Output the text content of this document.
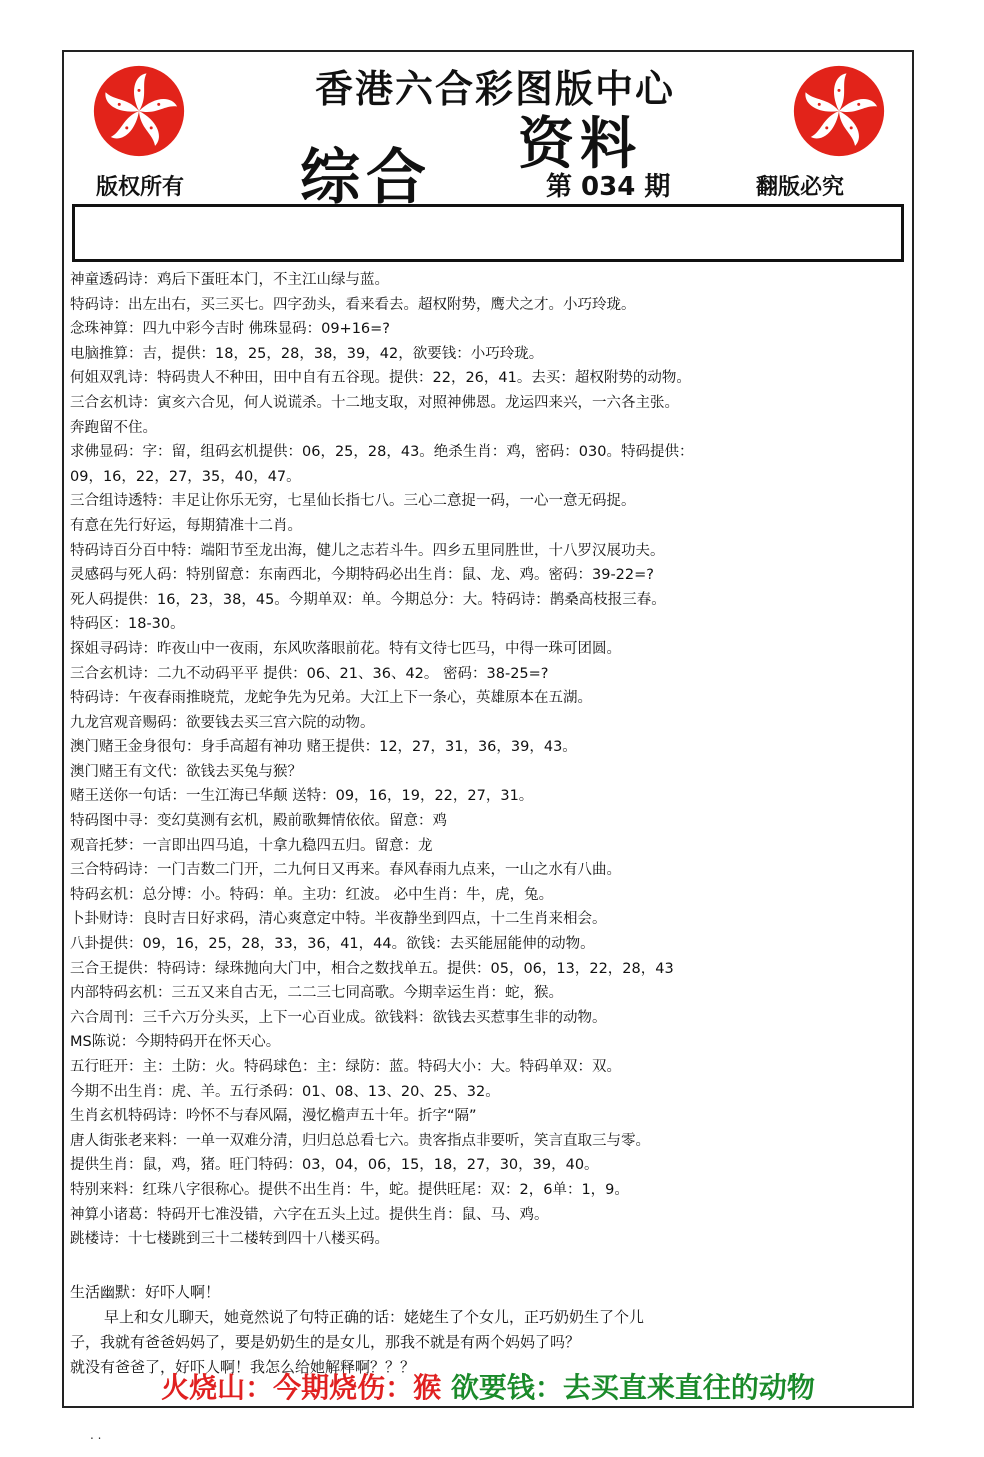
香港六合彩图版中心
综合 资料
第 034 期
版权所有	翻版必究
神童透码诗：鸡后下蛋旺本门，不主江山绿与蓝。
特码诗：出左出右，买三买七。四字劲头，看来看去。超权附势，鹰犬之才。小巧玲珑。
念珠神算：四九中彩今吉时 佛珠显码：09+16=?
电脑推算：吉，提供：18，25，28，38，39，42，欲要钱：小巧玲珑。
何姐双乳诗：特码贵人不种田，田中自有五谷现。提供：22，26，41。去买：超权附势的动物。
三合玄机诗：寅亥六合见，何人说谎杀。十二地支取，对照神佛恩。龙运四来兴，一六各主张。
奔跑留不住。
求佛显码：字：留，组码玄机提供：06，25，28，43。绝杀生肖：鸡，密码：030。特码提供：
09，16，22，27，35，40，47。
三合组诗透特：丰足让你乐无穷，七星仙长指七八。三心二意捉一码，一心一意无码捉。
有意在先行好运，每期猜准十二肖。
特码诗百分百中特：端阳节至龙出海，健儿之志若斗牛。四乡五里同胜世，十八罗汉展功夫。
灵感码与死人码：特别留意：东南西北，今期特码必出生肖：鼠、龙、鸡。密码：39-22=?
死人码提供：16，23，38，45。今期单双：单。今期总分：大。特码诗：鹊桑高枝报三春。
特码区：18-30。
探姐寻码诗：昨夜山中一夜雨，东风吹落眼前花。特有文待七匹马，中得一珠可团圆。
三合玄机诗：二九不动码平平 提供：06、21、36、42。 密码：38-25=?
特码诗：午夜春雨推晓荒，龙蛇争先为兄弟。大江上下一条心，英雄原本在五湖。
九龙宫观音赐码：欲要钱去买三宫六院的动物。
澳门赌王金身很句：身手高超有神功 赌王提供：12，27，31，36，39，43。
澳门赌王有文代：欲钱去买兔与猴？
赌王送你一句话：一生江海已华颠 送特：09，16，19，22，27，31。
特码图中寻：变幻莫测有玄机，殿前歌舞情依依。留意：鸡
观音托梦：一言即出四马追，十拿九稳四五归。留意：龙
三合特码诗：一门吉数二门开，二九何日又再来。春风春雨九点来，一山之水有八曲。
特码玄机：总分博：小。特码：单。主功：红波。 必中生肖：牛，虎，兔。
卜卦财诗：良时吉日好求码，清心爽意定中特。半夜静坐到四点，十二生肖来相会。
八卦提供：09，16，25，28，33，36，41，44。欲钱：去买能屈能伸的动物。
三合王提供：特码诗：绿珠抛向大门中，相合之数找单五。提供：05，06，13，22，28，43
内部特码玄机：三五又来自古无，二二三七同高歌。今期幸运生肖：蛇，猴。
六合周刊：三千六万分头买，上下一心百业成。欲钱料：欲钱去买惹事生非的动物。
MS陈说：今期特码开在怀天心。
五行旺开：主：土防：火。特码球色：主：绿防：蓝。特码大小：大。特码单双：双。
今期不出生肖：虎、羊。五行杀码：01、08、13、20、25、32。
生肖玄机特码诗：吟怀不与春风隔，漫忆檐声五十年。折字“隔”
唐人街张老来料：一单一双难分清，归归总总看七六。贵客指点非要听，笑言直取三与零。
提供生肖：鼠，鸡，猪。旺门特码：03，04，06，15，18，27，30，39，40。
特别来料：红珠八字很称心。提供不出生肖：牛，蛇。提供旺尾：双：2，6单：1，9。
神算小诸葛：特码开七准没错，六字在五头上过。提供生肖：鼠、马、鸡。
跳楼诗：十七楼跳到三十二楼转到四十八楼买码。
生活幽默：好吓人啊！
早上和女儿聊天，她竟然说了句特正确的话：姥姥生了个女儿，正巧奶奶生了个儿
子，我就有爸爸妈妈了，要是奶奶生的是女儿，那我不就是有两个妈妈了吗？
就没有爸爸了，好吓人啊！我怎么给她解释啊？？？
火烧山：今期烧伤：猴 欲要钱：去买直来直往的动物
. .
